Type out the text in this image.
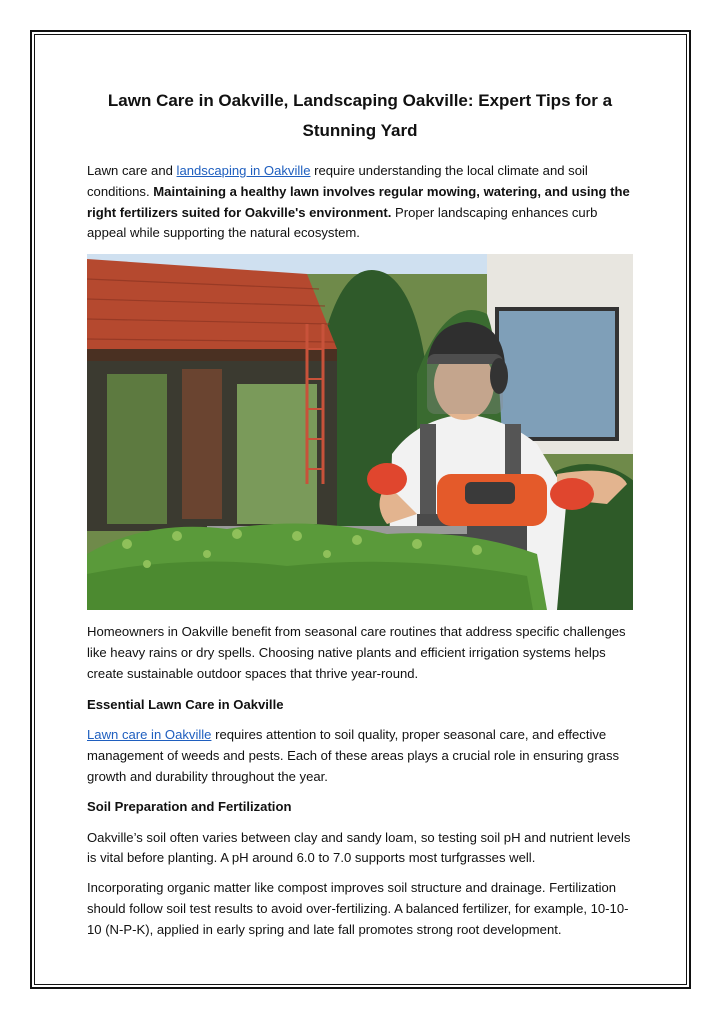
Lawn Care in Oakville, Landscaping Oakville: Expert Tips for a Stunning Yard

Lawn care and landscaping in Oakville require understanding the local climate and soil conditions. Maintaining a healthy lawn involves regular mowing, watering, and using the right fertilizers suited for Oakville's environment. Proper landscaping enhances curb appeal while supporting the natural ecosystem.

Homeowners in Oakville benefit from seasonal care routines that address specific challenges like heavy rains or dry spells. Choosing native plants and efficient irrigation systems helps create sustainable outdoor spaces that thrive year-round.

Essential Lawn Care in Oakville

Lawn care in Oakville requires attention to soil quality, proper seasonal care, and effective management of weeds and pests. Each of these areas plays a crucial role in ensuring grass growth and durability throughout the year.

Soil Preparation and Fertilization

Oakville’s soil often varies between clay and sandy loam, so testing soil pH and nutrient levels is vital before planting. A pH around 6.0 to 7.0 supports most turfgrasses well.

Incorporating organic matter like compost improves soil structure and drainage. Fertilization should follow soil test results to avoid over-fertilizing. A balanced fertilizer, for example, 10-10-10 (N-P-K), applied in early spring and late fall promotes strong root development.
